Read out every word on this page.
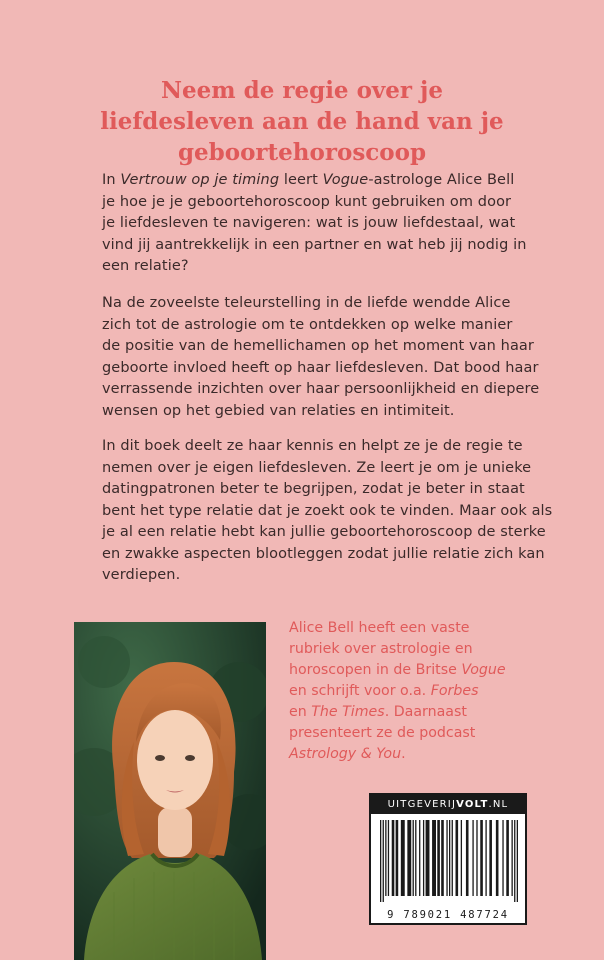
Neem de regie over je
liefdesleven aan de hand van je
geboortehoroscoop
In Vertrouw op je timing leert Vogue-astrologe Alice Bell
je hoe je je geboortehoroscoop kunt gebruiken om door
je liefdesleven te navigeren: wat is jouw liefdestaal, wat
vind jij aantrekkelijk in een partner en wat heb jij nodig in
een relatie?
Na de zoveelste teleurstelling in de liefde wendde Alice
zich tot de astrologie om te ontdekken op welke manier
de positie van de hemellichamen op het moment van haar
geboorte invloed heeft op haar liefdesleven. Dat bood haar
verrassende inzichten over haar persoonlijkheid en diepere
wensen op het gebied van relaties en intimiteit.
In dit boek deelt ze haar kennis en helpt ze je de regie te
nemen over je eigen liefdesleven. Ze leert je om je unieke
datingpatronen beter te begrijpen, zodat je beter in staat
bent het type relatie dat je zoekt ook te vinden. Maar ook als
je al een relatie hebt kan jullie geboortehoroscoop de sterke
en zwakke aspecten blootleggen zodat jullie relatie zich kan
verdiepen.
Alice Bell heeft een vaste
rubriek over astrologie en
horoscopen in de Britse Vogue
en schrijft voor o.a. Forbes
en The Times. Daarnaast
presenteert ze de podcast
Astrology & You.
UITGEVERIJVOLT.NL
9 789021 487724
